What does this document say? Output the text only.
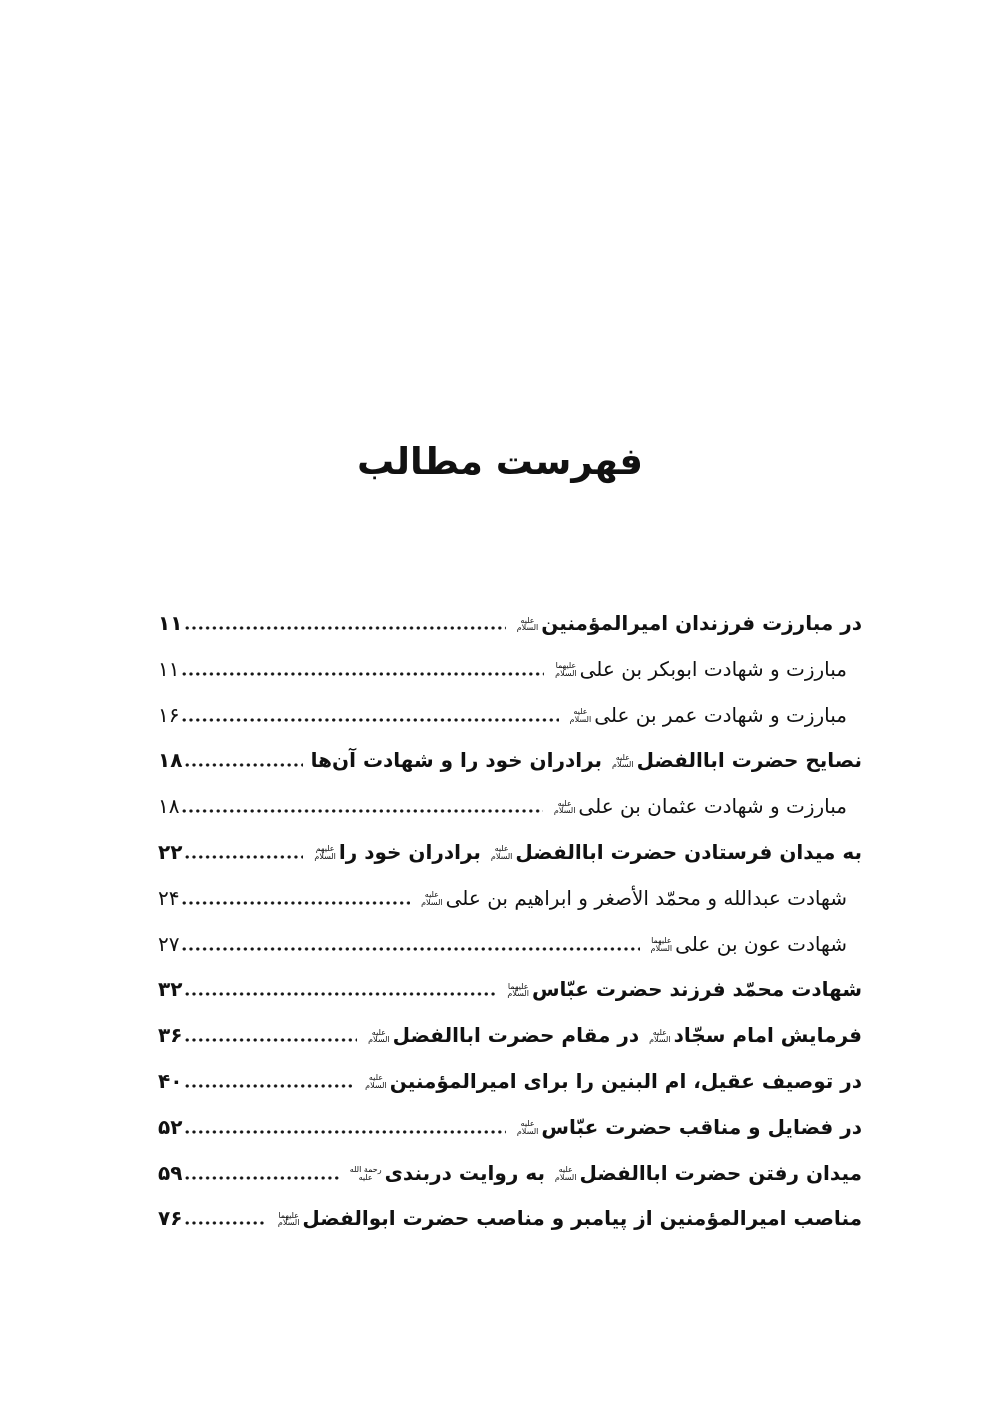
فهرست مطالب
در مبارزت فرزندان امیرالمؤمنین
علیه
السلام
۱۱
مبارزت و شهادت ابوبکر بن علی
علیهما
السلام
۱۱
مبارزت و شهادت عمر بن علی
علیه
السلام
۱۶
نصایح حضرت اباالفضل
علیه
السلام
برادران خود را و شهادت آن‌ها
۱۸
مبارزت و شهادت عثمان بن علی
علیه
السلام
۱۸
به میدان فرستادن حضرت اباالفضل
علیه
السلام
برادران خود را
علیهم
السلام
۲۲
شهادت عبدالله و محمّد الأصغر و ابراهیم بن علی
علیه
السلام
۲۴
شهادت عون بن علی
علیهما
السلام
۲۷
شهادت محمّد فرزند حضرت عبّاس
علیهما
السلام
۳۲
فرمایش امام سجّاد
علیه
السلام
در مقام حضرت اباالفضل
علیه
السلام
۳۶
در توصیف عقیل، ام البنین را برای امیرالمؤمنین
علیه
السلام
۴۰
در فضایل و مناقب حضرت عبّاس
علیه
السلام
۵۲
میدان رفتن حضرت اباالفضل
علیه
السلام
به روایت دربندی
رحمة الله
علیه
۵۹
مناصب امیرالمؤمنین از پیامبر و مناصب حضرت ابوالفضل
علیهما
السلام
۷۶
